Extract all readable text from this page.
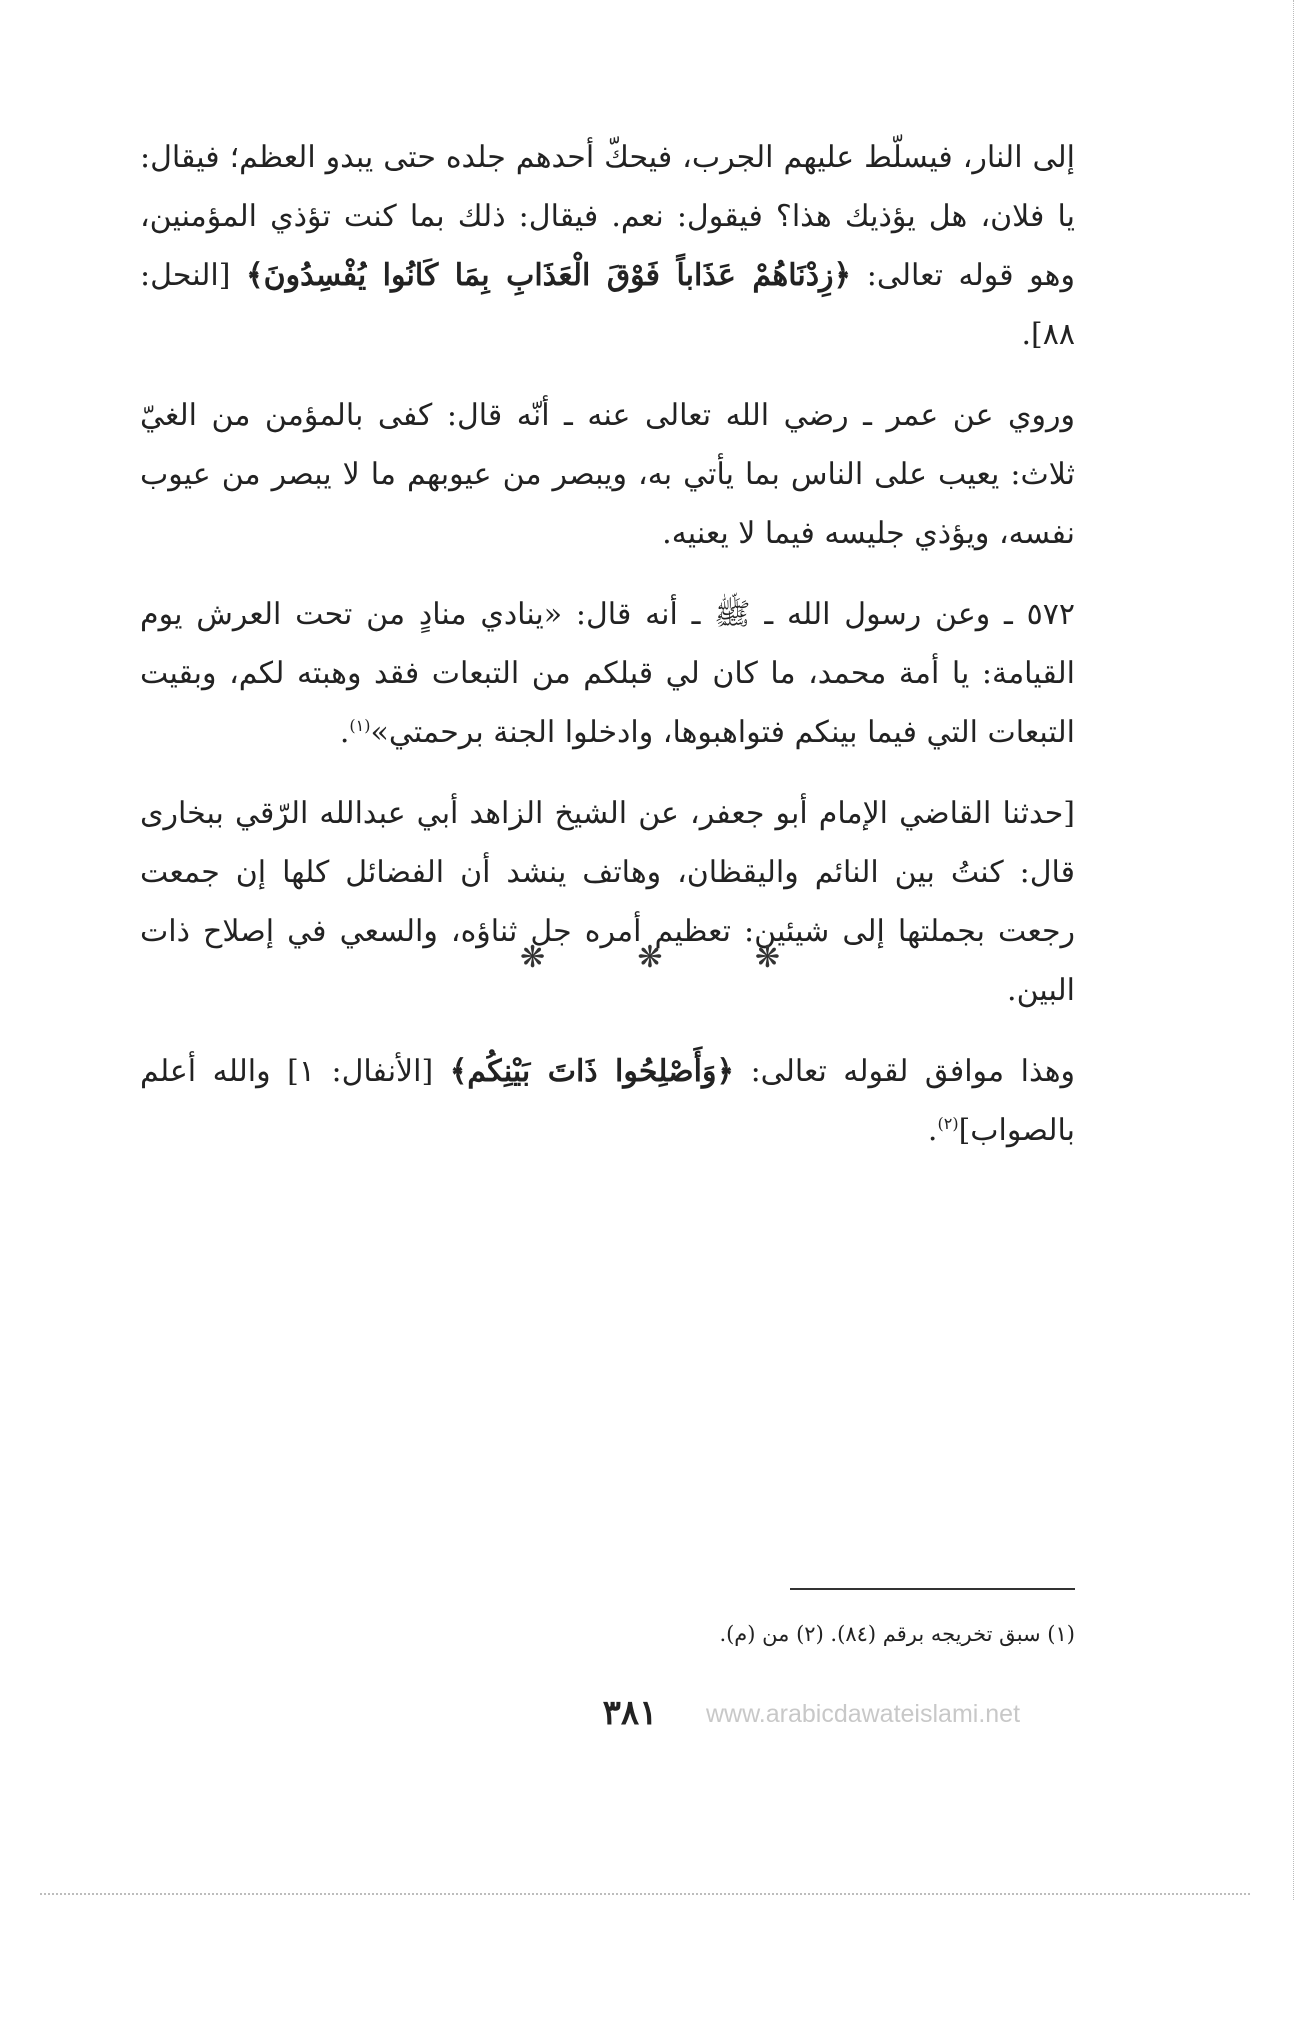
إلى النار، فيسلّط عليهم الجرب، فيحكّ أحدهم جلده حتى يبدو العظم؛ فيقال: يا فلان، هل يؤذيك هذا؟ فيقول: نعم. فيقال: ذلك بما كنت تؤذي المؤمنين، وهو قوله تعالى: ﴿زِدْنَاهُمْ عَذَاباً فَوْقَ الْعَذَابِ بِمَا كَانُوا يُفْسِدُونَ﴾ [النحل: ٨٨].

وروي عن عمر ـ رضي الله تعالى عنه ـ أنّه قال: كفى بالمؤمن من الغيّ ثلاث: يعيب على الناس بما يأتي به، ويبصر من عيوبهم ما لا يبصر من عيوب نفسه، ويؤذي جليسه فيما لا يعنيه.

٥٧٢ ـ وعن رسول الله ـ ﷺ ـ أنه قال: «ينادي منادٍ من تحت العرش يوم القيامة: يا أمة محمد، ما كان لي قبلكم من التبعات فقد وهبته لكم، وبقيت التبعات التي فيما بينكم فتواهبوها، وادخلوا الجنة برحمتي»$^{(١)}$.

[حدثنا القاضي الإمام أبو جعفر، عن الشيخ الزاهد أبي عبدالله الرّقي ببخارى قال: كنتُ بين النائم واليقظان، وهاتف ينشد أن الفضائل كلها إن جمعت رجعت بجملتها إلى شيئين: تعظيم أمره جل ثناؤه، والسعي في إصلاح ذات البين.

وهذا موافق لقوله تعالى: ﴿وَأَصْلِحُوا ذَاتَ بَيْنِكُم﴾ [الأنفال: ١] والله أعلم بالصواب]$^{(٢)}$.

❋	❋	❋
(١) سبق تخريجه برقم (٨٤). (٢) من (م).
٣٨١	www.arabicdawateislami.net
